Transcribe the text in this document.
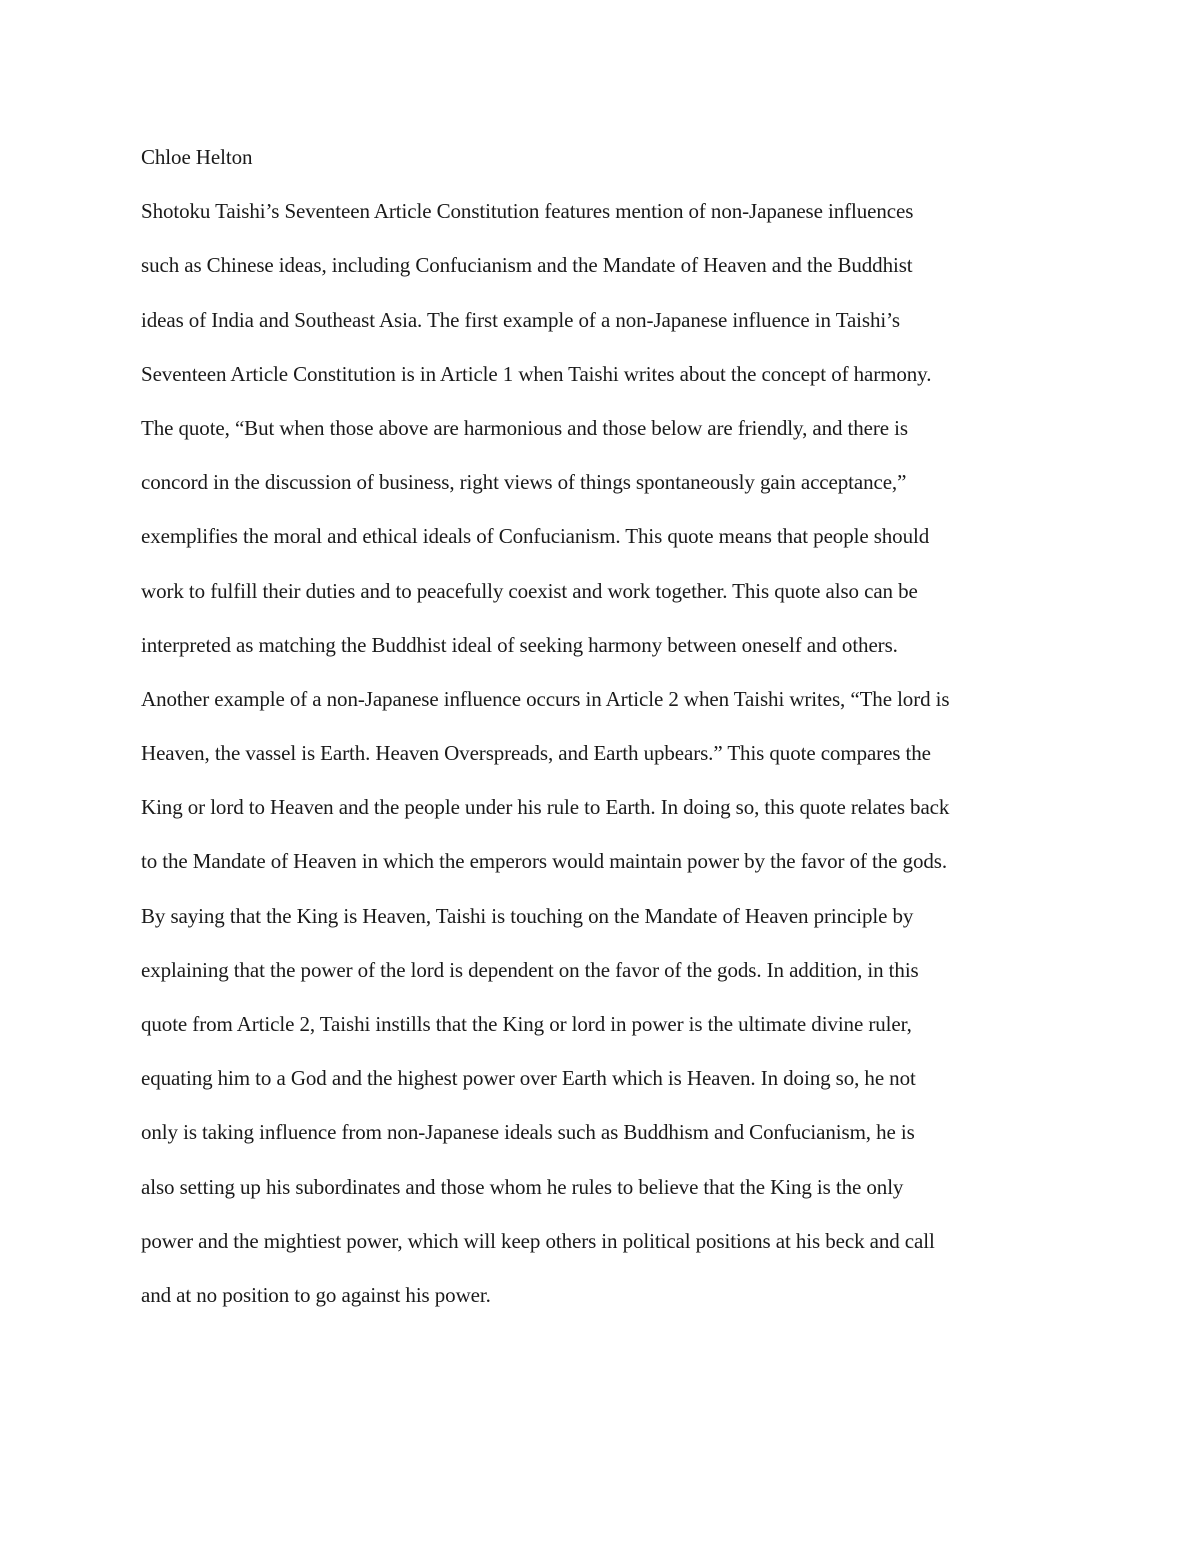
Chloe Helton
Shotoku Taishi’s Seventeen Article Constitution features mention of non-Japanese influences
such as Chinese ideas, including Confucianism and the Mandate of Heaven and the Buddhist
ideas of India and Southeast Asia. The first example of a non-Japanese influence in Taishi’s
Seventeen Article Constitution is in Article 1 when Taishi writes about the concept of harmony.
The quote, “But when those above are harmonious and those below are friendly, and there is
concord in the discussion of business, right views of things spontaneously gain acceptance,”
exemplifies the moral and ethical ideals of Confucianism. This quote means that people should
work to fulfill their duties and to peacefully coexist and work together. This quote also can be
interpreted as matching the Buddhist ideal of seeking harmony between oneself and others.
Another example of a non-Japanese influence occurs in Article 2 when Taishi writes, “The lord is
Heaven, the vassel is Earth. Heaven Overspreads, and Earth upbears.” This quote compares the
King or lord to Heaven and the people under his rule to Earth. In doing so, this quote relates back
to the Mandate of Heaven in which the emperors would maintain power by the favor of the gods.
By saying that the King is Heaven, Taishi is touching on the Mandate of Heaven principle by
explaining that the power of the lord is dependent on the favor of the gods. In addition, in this
quote from Article 2, Taishi instills that the King or lord in power is the ultimate divine ruler,
equating him to a God and the highest power over Earth which is Heaven. In doing so, he not
only is taking influence from non-Japanese ideals such as Buddhism and Confucianism, he is
also setting up his subordinates and those whom he rules to believe that the King is the only
power and the mightiest power, which will keep others in political positions at his beck and call
and at no position to go against his power.
